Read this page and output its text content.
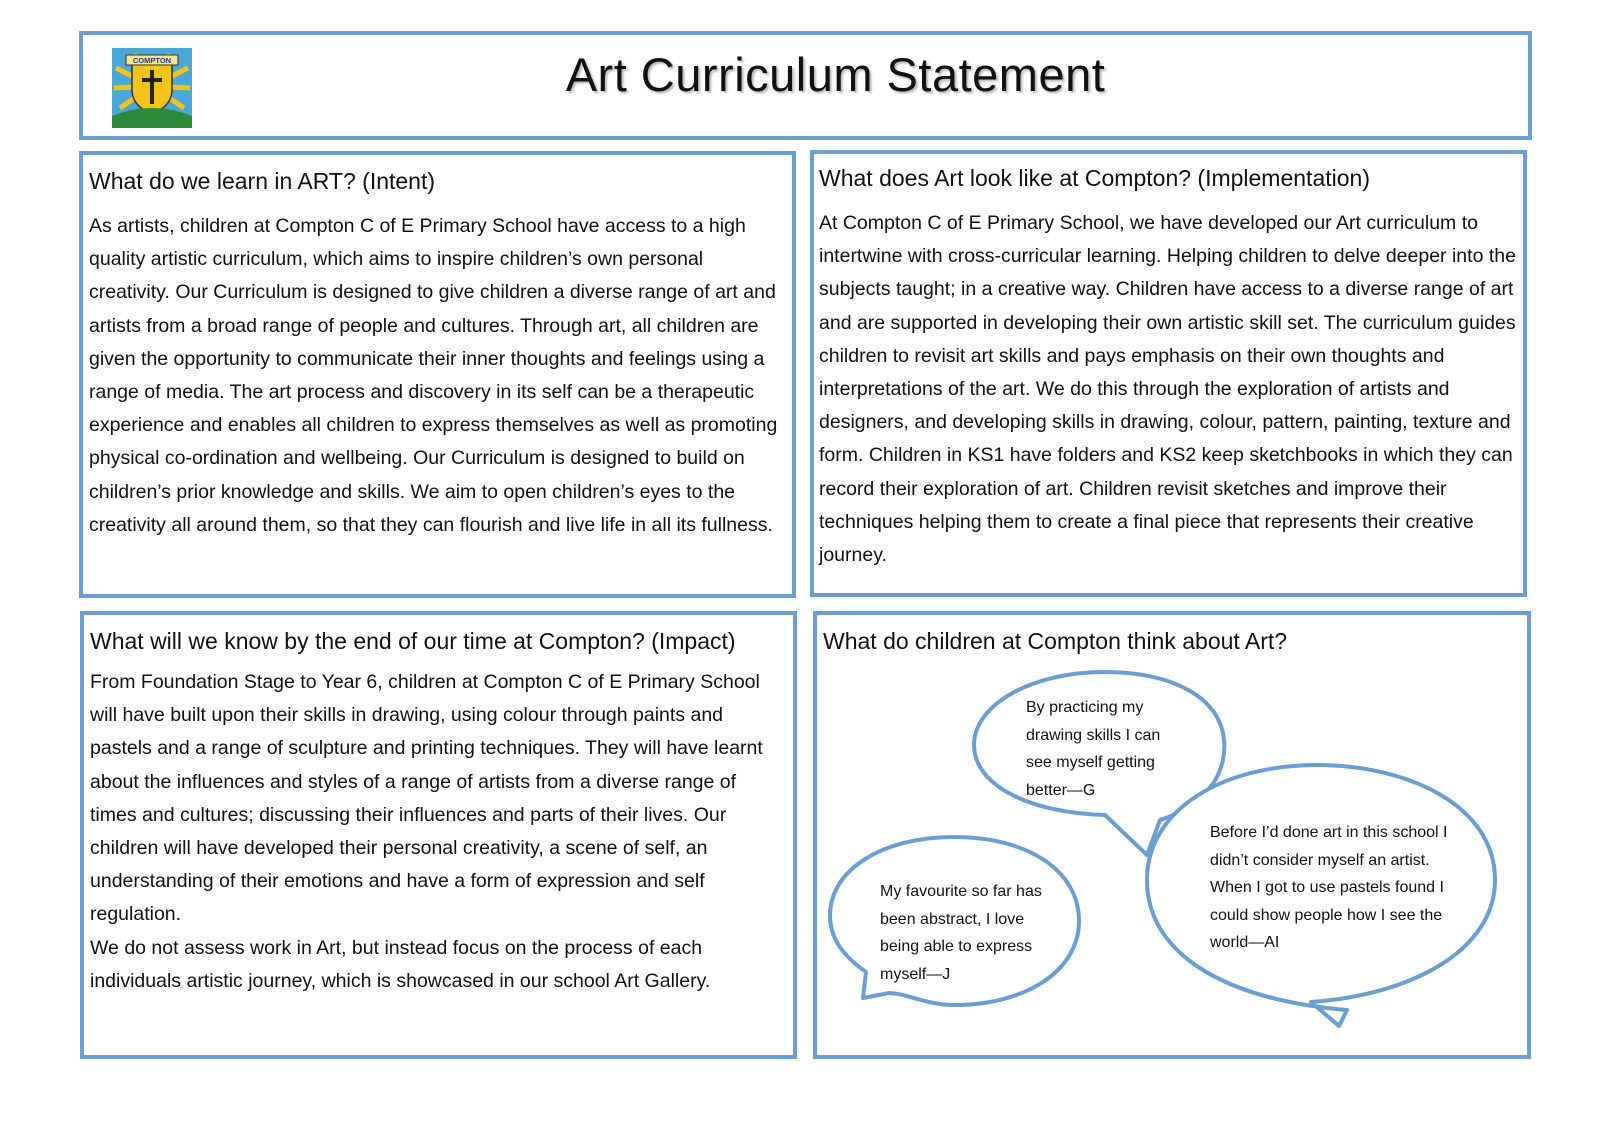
COMPTON	Art Curriculum Statement
What do we learn in ART? (Intent)
As artists, children at Compton C of E Primary School have access to a high quality artistic curriculum, which aims to inspire children’s own personal creativity. Our Curriculum is designed to give children a diverse range of art and artists from a broad range of people and cultures. Through art, all children are given the opportunity to communicate their inner thoughts and feelings using a range of media. The art process and discovery in its self can be a therapeutic experience and enables all children to express themselves as well as promoting physical co-ordination and wellbeing. Our Curriculum is designed to build on children’s prior knowledge and skills. We aim to open children’s eyes to the creativity all around them, so that they can flourish and live life in all its fullness.
What does Art look like at Compton? (Implementation)
At Compton C of E Primary School, we have developed our Art curriculum to intertwine with cross-curricular learning. Helping children to delve deeper into the subjects taught; in a creative way. Children have access to a diverse range of art and are supported in developing their own artistic skill set. The curriculum guides children to revisit art skills and pays emphasis on their own thoughts and interpretations of the art. We do this through the exploration of artists and designers, and developing skills in drawing, colour, pattern, painting, texture and form. Children in KS1 have folders and KS2 keep sketchbooks in which they can record their exploration of art. Children revisit sketches and improve their techniques helping them to create a final piece that represents their creative journey.
What will we know by the end of our time at Compton? (Impact)
From Foundation Stage to Year 6, children at Compton C of E Primary School will have built upon their skills in drawing, using colour through paints and pastels and a range of sculpture and printing techniques. They will have learnt about the influences and styles of a range of artists from a diverse range of times and cultures; discussing their influences and parts of their lives. Our children will have developed their personal creativity, a scene of self, an understanding of their emotions and have a form of expression and self regulation.
We do not assess work in Art, but instead focus on the process of each individuals artistic journey, which is showcased in our school Art Gallery.
What do children at Compton think about Art?
By practicing my drawing skills I can see myself getting better—G
Before I’d done art in this school I didn’t consider myself an artist. When I got to use pastels found I could show people how I see the world—AI
My favourite so far has been abstract, I love being able to express myself—J
